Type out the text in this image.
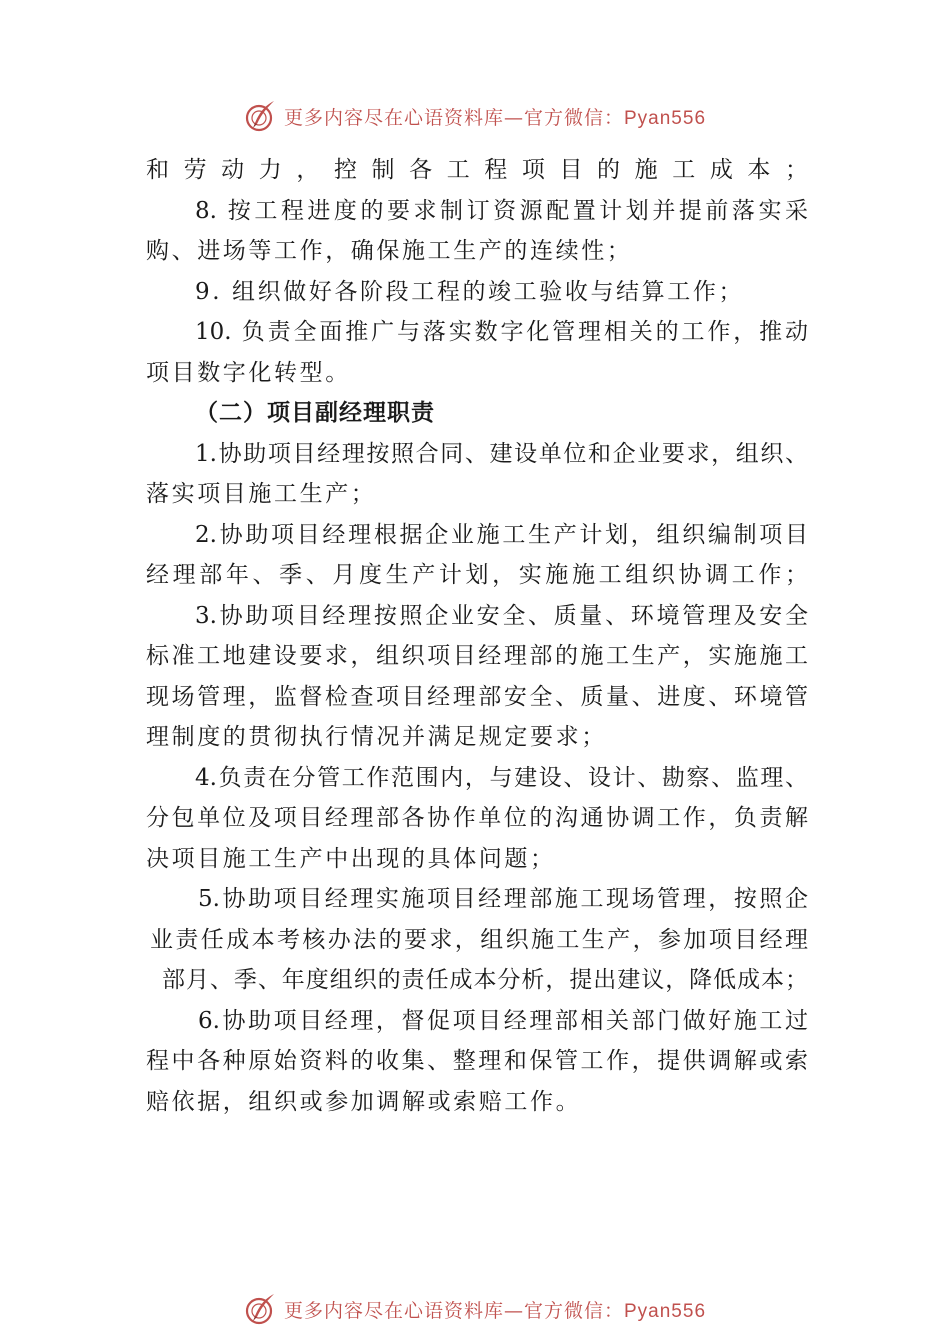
更多内容尽在心语资料库—官方微信：Pyan556
和劳动力，控制各工程项目的施工成本；
8. 按工程进度的要求制订资源配置计划并提前落实采
购、进场等工作，确保施工生产的连续性；
9. 组织做好各阶段工程的竣工验收与结算工作；
10. 负责全面推广与落实数字化管理相关的工作，推动
项目数字化转型。
（二）项目副经理职责
1.协助项目经理按照合同、建设单位和企业要求，组织、
落实项目施工生产；
2.协助项目经理根据企业施工生产计划，组织编制项目
经理部年、季、月度生产计划，实施施工组织协调工作；
3.协助项目经理按照企业安全、质量、环境管理及安全
标准工地建设要求，组织项目经理部的施工生产，实施施工
现场管理，监督检查项目经理部安全、质量、进度、环境管
理制度的贯彻执行情况并满足规定要求；
4.负责在分管工作范围内，与建设、设计、勘察、监理、
分包单位及项目经理部各协作单位的沟通协调工作，负责解
决项目施工生产中出现的具体问题；
5.协助项目经理实施项目经理部施工现场管理，按照企
业责任成本考核办法的要求，组织施工生产，参加项目经理
部月、季、年度组织的责任成本分析，提出建议，降低成本；
6.协助项目经理，督促项目经理部相关部门做好施工过
程中各种原始资料的收集、整理和保管工作，提供调解或索
赔依据，组织或参加调解或索赔工作。
更多内容尽在心语资料库—官方微信：Pyan556
